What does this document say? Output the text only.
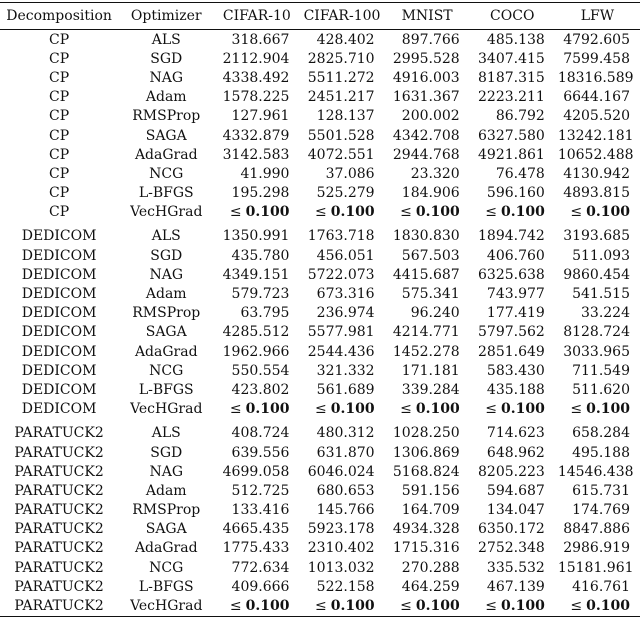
Decomposition	Optimizer	CIFAR-10	CIFAR-100	MNIST	COCO	LFW
CP	ALS	318.667	428.402	897.766	485.138	4792.605
CP	SGD	2112.904	2825.710	2995.528	3407.415	7599.458
CP	NAG	4338.492	5511.272	4916.003	8187.315	18316.589
CP	Adam	1578.225	2451.217	1631.367	2223.211	6644.167
CP	RMSProp	127.961	128.137	200.002	86.792	4205.520
CP	SAGA	4332.879	5501.528	4342.708	6327.580	13242.181
CP	AdaGrad	3142.583	4072.551	2944.768	4921.861	10652.488
CP	NCG	41.990	37.086	23.320	76.478	4130.942
CP	L-BFGS	195.298	525.279	184.906	596.160	4893.815
CP	VecHGrad	≤ 0.100	≤ 0.100	≤ 0.100	≤ 0.100	≤ 0.100

DEDICOM	ALS	1350.991	1763.718	1830.830	1894.742	3193.685
DEDICOM	SGD	435.780	456.051	567.503	406.760	511.093
DEDICOM	NAG	4349.151	5722.073	4415.687	6325.638	9860.454
DEDICOM	Adam	579.723	673.316	575.341	743.977	541.515
DEDICOM	RMSProp	63.795	236.974	96.240	177.419	33.224
DEDICOM	SAGA	4285.512	5577.981	4214.771	5797.562	8128.724
DEDICOM	AdaGrad	1962.966	2544.436	1452.278	2851.649	3033.965
DEDICOM	NCG	550.554	321.332	171.181	583.430	711.549
DEDICOM	L-BFGS	423.802	561.689	339.284	435.188	511.620
DEDICOM	VecHGrad	≤ 0.100	≤ 0.100	≤ 0.100	≤ 0.100	≤ 0.100

PARATUCK2	ALS	408.724	480.312	1028.250	714.623	658.284
PARATUCK2	SGD	639.556	631.870	1306.869	648.962	495.188
PARATUCK2	NAG	4699.058	6046.024	5168.824	8205.223	14546.438
PARATUCK2	Adam	512.725	680.653	591.156	594.687	615.731
PARATUCK2	RMSProp	133.416	145.766	164.709	134.047	174.769
PARATUCK2	SAGA	4665.435	5923.178	4934.328	6350.172	8847.886
PARATUCK2	AdaGrad	1775.433	2310.402	1715.316	2752.348	2986.919
PARATUCK2	NCG	772.634	1013.032	270.288	335.532	15181.961
PARATUCK2	L-BFGS	409.666	522.158	464.259	467.139	416.761
PARATUCK2	VecHGrad	≤ 0.100	≤ 0.100	≤ 0.100	≤ 0.100	≤ 0.100
